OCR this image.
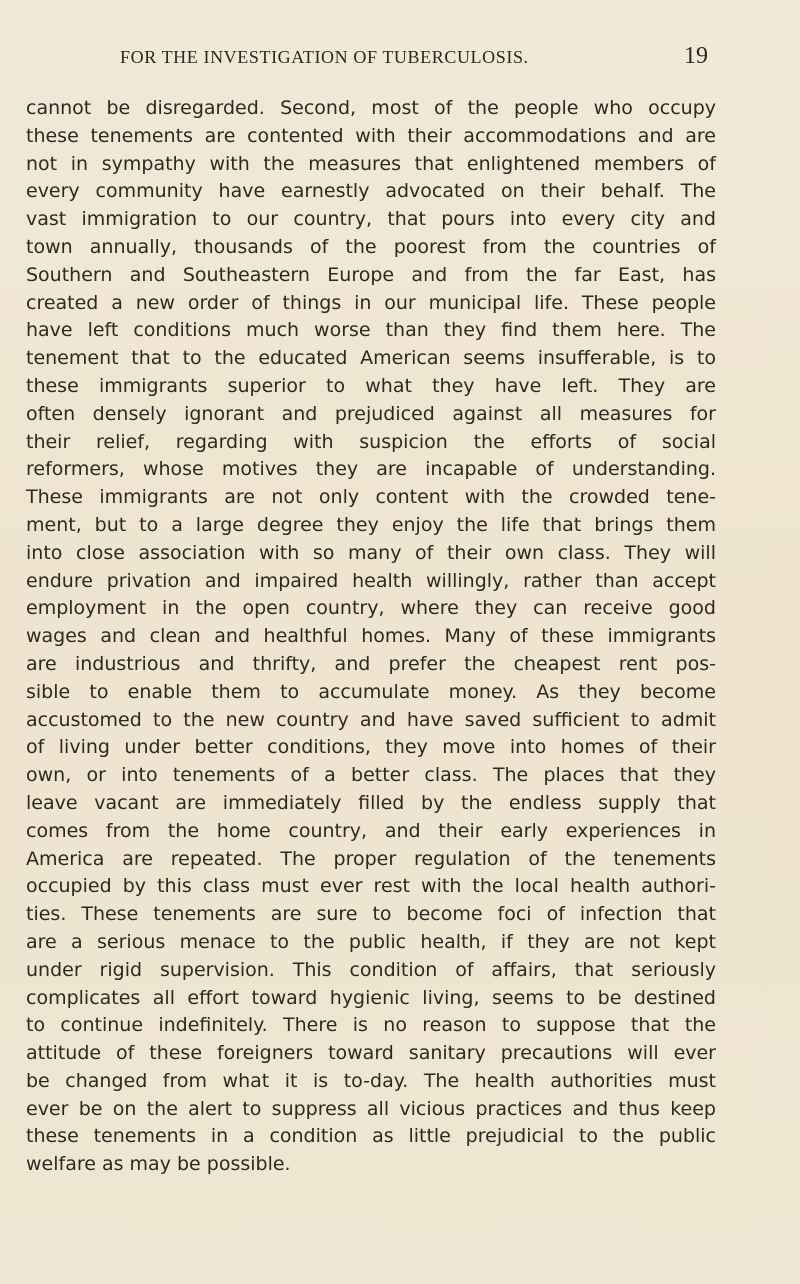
FOR THE INVESTIGATION OF TUBERCULOSIS.	19
cannot be disregarded. Second, most of the people who occupy
these tenements are contented with their accommodations and are
not in sympathy with the measures that enlightened members of
every community have earnestly advocated on their behalf. The
vast immigration to our country, that pours into every city and
town annually, thousands of the poorest from the countries of
Southern and Southeastern Europe and from the far East, has
created a new order of things in our municipal life. These people
have left conditions much worse than they find them here. The
tenement that to the educated American seems insufferable, is to
these immigrants superior to what they have left. They are
often densely ignorant and prejudiced against all measures for
their relief, regarding with suspicion the efforts of social
reformers, whose motives they are incapable of understanding.
These immigrants are not only content with the crowded tene-
ment, but to a large degree they enjoy the life that brings them
into close association with so many of their own class. They will
endure privation and impaired health willingly, rather than accept
employment in the open country, where they can receive good
wages and clean and healthful homes. Many of these immigrants
are industrious and thrifty, and prefer the cheapest rent pos-
sible to enable them to accumulate money. As they become
accustomed to the new country and have saved sufficient to admit
of living under better conditions, they move into homes of their
own, or into tenements of a better class. The places that they
leave vacant are immediately filled by the endless supply that
comes from the home country, and their early experiences in
America are repeated. The proper regulation of the tenements
occupied by this class must ever rest with the local health authori-
ties. These tenements are sure to become foci of infection that
are a serious menace to the public health, if they are not kept
under rigid supervision. This condition of affairs, that seriously
complicates all effort toward hygienic living, seems to be destined
to continue indefinitely. There is no reason to suppose that the
attitude of these foreigners toward sanitary precautions will ever
be changed from what it is to-day. The health authorities must
ever be on the alert to suppress all vicious practices and thus keep
these tenements in a condition as little prejudicial to the public
welfare as may be possible.
